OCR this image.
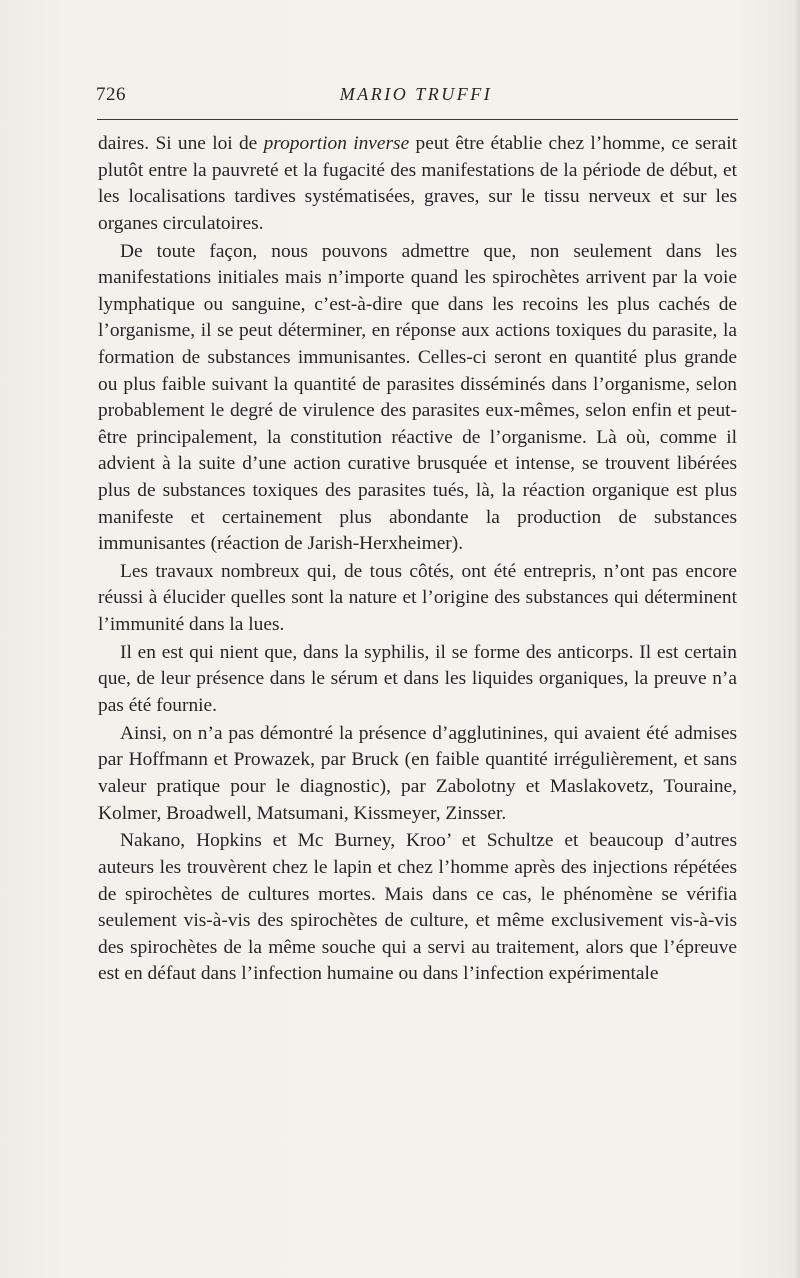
726	MARIO TRUFFI

daires. Si une loi de proportion inverse peut être établie chez l’homme, ce serait plutôt entre la pauvreté et la fugacité des manifestations de la période de début, et les localisations tardives systématisées, graves, sur le tissu nerveux et sur les organes circulatoires.

De toute façon, nous pouvons admettre que, non seulement dans les manifestations initiales mais n’importe quand les spirochètes arrivent par la voie lymphatique ou sanguine, c’est-à-dire que dans les recoins les plus cachés de l’organisme, il se peut déterminer, en réponse aux actions toxiques du parasite, la formation de substances immunisantes. Celles-ci seront en quantité plus grande ou plus faible suivant la quantité de parasites disséminés dans l’organisme, selon probablement le degré de virulence des parasites eux-mêmes, selon enfin et peut-être principalement, la constitution réactive de l’organisme. Là où, comme il advient à la suite d’une action curative brusquée et intense, se trouvent libérées plus de substances toxiques des parasites tués, là, la réaction organique est plus manifeste et certainement plus abondante la production de substances immunisantes (réaction de Jarish-Herxheimer).

Les travaux nombreux qui, de tous côtés, ont été entrepris, n’ont pas encore réussi à élucider quelles sont la nature et l’origine des substances qui déterminent l’immunité dans la lues.

Il en est qui nient que, dans la syphilis, il se forme des anticorps. Il est certain que, de leur présence dans le sérum et dans les liquides organiques, la preuve n’a pas été fournie.

Ainsi, on n’a pas démontré la présence d’agglutinines, qui avaient été admises par Hoffmann et Prowazek, par Bruck (en faible quantité irrégulièrement, et sans valeur pratique pour le diagnostic), par Zabolotny et Maslakovetz, Touraine, Kolmer, Broadwell, Matsumani, Kissmeyer, Zinsser.

Nakano, Hopkins et Mc Burney, Kroo’ et Schultze et beaucoup d’autres auteurs les trouvèrent chez le lapin et chez l’homme après des injections répétées de spirochètes de cultures mortes. Mais dans ce cas, le phénomène se vérifia seulement vis-à-vis des spirochètes de culture, et même exclusivement vis-à-vis des spirochètes de la même souche qui a servi au traitement, alors que l’épreuve est en défaut dans l’infection humaine ou dans l’infection expérimentale
